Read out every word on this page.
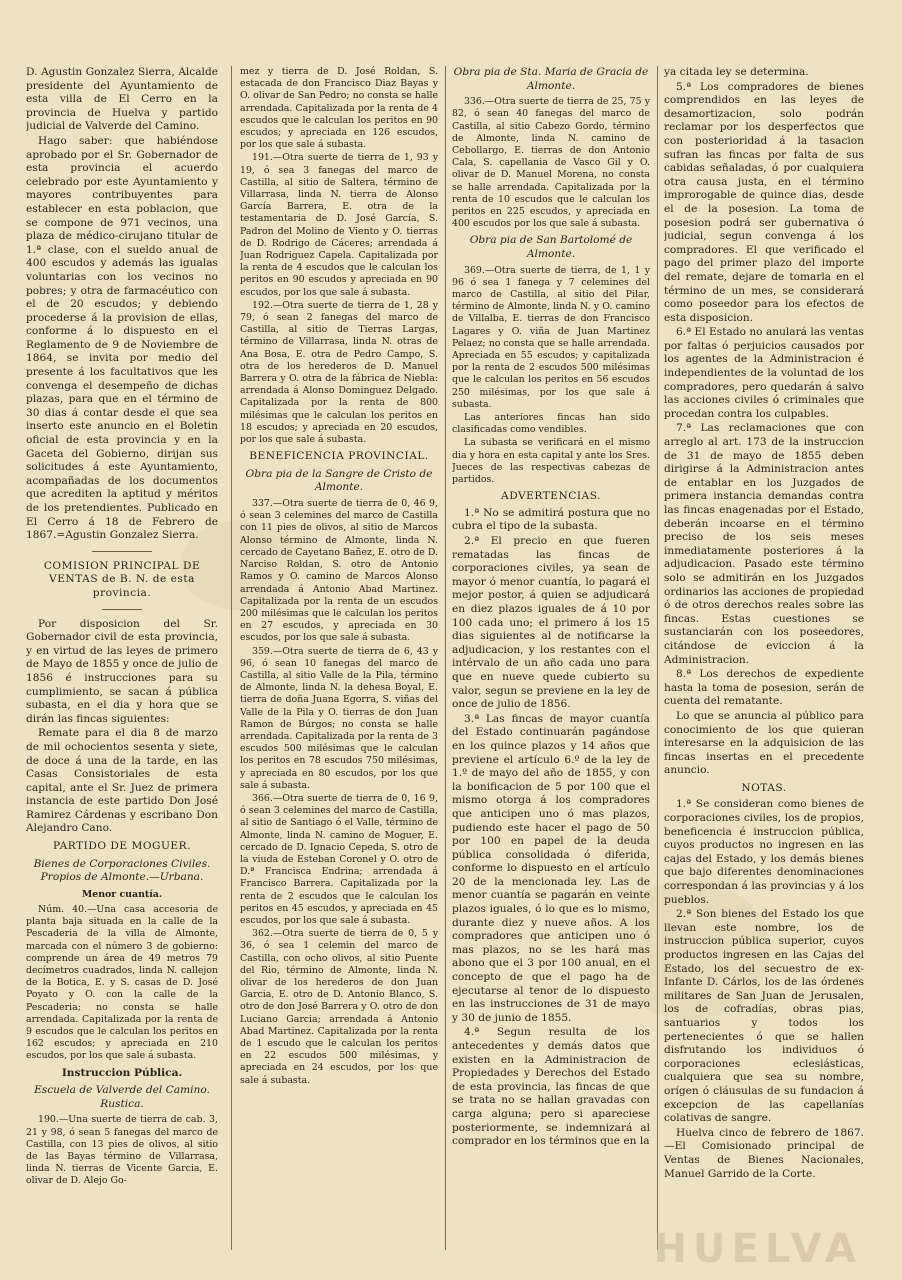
D. Agustin Gonzalez Sierra, Alcalde presidente del Ayuntamiento de esta villa de El Cerro en la provincia de Huelva y partido judicial de Valverde del Camino.

Hago saber: que habiéndose aprobado por el Sr. Gobernador de esta provincia el acuerdo celebrado por este Ayuntamiento y mayores contribuyentes para establecer en esta poblacion, que se compone de 971 vecinos, una plaza de médico-cirujano titular de 1.ª clase, con el sueldo anual de 400 escudos y además las igualas voluntarias con los vecinos no pobres; y otra de farmacéutico con el de 20 escudos; y debiendo procederse á la provision de ellas, conforme á lo dispuesto en el Reglamento de 9 de Noviembre de 1864, se invita por medio del presente á los facultativos que les convenga el desempeño de dichas plazas, para que en el término de 30 dias á contar desde el que sea inserto este anuncio en el Boletin oficial de esta provincia y en la Gaceta del Gobierno, dirijan sus solicitudes á este Ayuntamiento, acompañadas de los documentos que acrediten la aptitud y méritos de los pretendientes. Publicado en El Cerro á 18 de Febrero de 1867.=Agustin Gonzalez Sierra.

COMISION PRINCIPAL DE VENTAS de B. N. de esta provincia.

Por disposicion del Sr. Gobernador civil de esta provincia, y en virtud de las leyes de primero de Mayo de 1855 y once de julio de 1856 é instrucciones para su cumplimiento, se sacan á pública subasta, en el dia y hora que se dirán las fincas siguientes:

Remate para el dia 8 de marzo de mil ochocientos sesenta y siete, de doce á una de la tarde, en las Casas Consistoriales de esta capital, ante el Sr. Juez de primera instancia de este partido Don José Ramirez Cárdenas y escribano Don Alejandro Cano.

PARTIDO DE MOGUER.

Bienes de Corporaciones Civiles. Propios de Almonte.—Urbana.

Menor cuantía.

Núm. 40.—Una casa accesoria de planta baja situada en la calle de la Pescaderia de la villa de Almonte, marcada con el número 3 de gobierno: comprende un área de 49 metros 79 decímetros cuadrados, linda N. callejon de la Botica, E. y S. casas de D. José Poyato y O. con la calle de la Pescaderia; no consta se halle arrendada. Capitalizada por la renta de 9 escudos que le calculan los peritos en 162 escudos; y apreciada en 210 escudos, por los que sale á subasta.

Instruccion Pública.

Escuela de Valverde del Camino. Rustica.

190.—Una suerte de tierra de cab. 3, 21 y 98, ó sean 5 fanegas del marco de Castilla, con 13 pies de olivos, al sitio de las Bayas término de Villarrasa, linda N. tierras de Vicente Garcia, E. olivar de D. Alejo Go-

mez y tierra de D. José Roldan, S. estacada de don Francisco Diaz Bayas y O. olivar de San Pedro; no consta se halle arrendada. Capitalizada por la renta de 4 escudos que le calculan los peritos en 90 escudos; y apreciada en 126 escudos, por los que sale á subasta.

191.—Otra suerte de tierra de 1, 93 y 19, ó sea 3 fanegas del marco de Castilla, al sitio de Saltera, término de Villarrasa, linda N. tierra de Alonso García Barrera, E. otra de la testamentaria de D. José García, S. Padron del Molino de Viento y O. tierras de D. Rodrigo de Cáceres; arrendada á Juan Rodriguez Capela. Capitalizada por la renta de 4 escudos que le calculan los peritos en 90 escudos y apreciada en 90 escudos, por los que sale á subasta.

192.—Otra suerte de tierra de 1, 28 y 79, ó sean 2 fanegas del marco de Castilla, al sitio de Tierras Largas, término de Villarrasa, linda N. otras de Ana Bosa, E. otra de Pedro Campo, S. otra de los herederos de D. Manuel Barrera y O. otra de la fábrica de Niebla: arrendada á Alonso Dominguez Delgado. Capitalizada por la renta de 800 milésimas que le calculan los peritos en 18 escudos; y apreciada en 20 escudos, por los que sale á subasta.

BENEFICENCIA PROVINCIAL.

Obra pia de la Sangre de Cristo de Almonte.

337.—Otra suerte de tierra de 0, 46 9, ó sean 3 celemines del marco de Castilla con 11 pies de olivos, al sitio de Marcos Alonso término de Almonte, linda N. cercado de Cayetano Bañez, E. otro de D. Narciso Roldan, S. otro de Antonio Ramos y O. camino de Marcos Alonso arrendada á Antonio Abad Martinez. Capitalizada por la renta de un escudos 200 milésimas que le calculan los peritos en 27 escudos, y apreciada en 30 escudos, por los que sale á subasta.

359.—Otra suerte de tierra de 6, 43 y 96, ó sean 10 fanegas del marco de Castilla, al sitio Valle de la Pila, término de Almonte, linda N. la dehesa Boyal, E. tierra de doña Juana Egorra, S. viñas del Valle de la Pila y O. tierras de don Juan Ramon de Búrgos; no consta se halle arrendada. Capitalizada por la renta de 3 escudos 500 milésimas que le calculan los peritos en 78 escudos 750 milésimas, y apreciada en 80 escudos, por los que sale á subasta.

366.—Otra suerte de tierra de 0, 16 9, ó sean 3 celemines del marco de Castilla, al sitio de Santiago ó el Valle, término de Almonte, linda N. camino de Moguer, E. cercado de D. Ignacio Cepeda, S. otro de la viuda de Esteban Coronel y O. otro de D.ª Francisca Endrina; arrendada á Francisco Barrera. Capitalizada por la renta de 2 escudos que le calculan los peritos en 45 escudos, y apreciada en 45 escudos, por los que sale á subasta.

362.—Otra suerte de tierra de 0, 5 y 36, ó sea 1 celemin del marco de Castilla, con ocho olivos, al sitio Puente del Rio, término de Almonte, linda N. olivar de los herederos de don Juan Garcia, E. otro de D. Antonio Blanco, S. otro de don José Barrera y O. otro de don Luciano Garcia; arrendada á Antonio Abad Martinez. Capitalizada por la renta de 1 escudo que le calculan los peritos en 22 escudos 500 milésimas, y apreciada en 24 escudos, por los que sale á subasta.

Obra pia de Sta. Maria de Gracia de Almonte.

336.—Otra suerte de tierra de 25, 75 y 82, ó sean 40 fanegas del marco de Castilla, al sitio Cabezo Gordo, término de Almonte, linda N. camino de Cebollargo, E. tierras de don Antonio Cala, S. capellania de Vasco Gil y O. olivar de D. Manuel Morena, no consta se halle arrendada. Capitalizada por la renta de 10 escudos que le calculan los peritos en 225 escudos, y apreciada en 400 escudos por los que sale á subasta.

Obra pia de San Bartolomé de Almonte.

369.—Otra suerte de tierra, de 1, 1 y 96 ó sea 1 fanega y 7 celemines del marco de Castilla, al sitio del Pilar, término de Almonte, linda N. y O. camino de Villalba, E. tierras de don Francisco Lagares y O. viña de Juan Martinez Pelaez; no consta que se halle arrendada. Apreciada en 55 escudos; y capitalizada por la renta de 2 escudos 500 milésimas que le calculan los peritos en 56 escudos 250 milésimas, por los que sale á subasta.

Las anteriores fincas han sido clasificadas como vendibles.

La subasta se verificará en el mismo dia y hora en esta capital y ante los Sres. Jueces de las respectivas cabezas de partidos.

ADVERTENCIAS.

1.ª No se admitirá postura que no cubra el tipo de la subasta.

2.ª El precio en que fueren rematadas las fincas de corporaciones civiles, ya sean de mayor ó menor cuantía, lo pagará el mejor postor, á quien se adjudicará en diez plazos iguales de á 10 por 100 cada uno; el primero á los 15 dias siguientes al de notificarse la adjudicacion, y los restantes con el intérvalo de un año cada uno para que en nueve quede cubierto su valor, segun se previene en la ley de once de julio de 1856.

3.ª Las fincas de mayor cuantía del Estado continuarán pagándose en los quince plazos y 14 años que previene el artículo 6.º de la ley de 1.º de mayo del año de 1855, y con la bonificacion de 5 por 100 que el mismo otorga á los compradores que anticipen uno ó mas plazos, pudiendo este hacer el pago de 50 por 100 en papel de la deuda pública consolidada ó diferida, conforme lo dispuesto en el artículo 20 de la mencionada ley. Las de menor cuantía se pagarán en veinte plazos iguales, ó lo que es lo mismo, durante diez y nueve años. A los compradores que anticipen uno ó mas plazos, no se les hará mas abono que el 3 por 100 anual, en el concepto de que el pago ha de ejecutarse al tenor de lo dispuesto en las instrucciones de 31 de mayo y 30 de junio de 1855.

4.ª Segun resulta de los antecedentes y demás datos que existen en la Administracion de Propiedades y Derechos del Estado de esta provincia, las fincas de que se trata no se hallan gravadas con carga alguna; pero si apareciese posteriormente, se indemnizará al comprador en los términos que en la

ya citada ley se determina.

5.ª Los compradores de bienes comprendidos en las leyes de desamortizacion, solo podrán reclamar por los desperfectos que con posterioridad á la tasacion sufran las fincas por falta de sus cabidas señaladas, ó por cualquiera otra causa justa, en el término improrogable de quince dias, desde el de la posesion. La toma de posesion podrá ser gubernativa ó judicial, segun convenga á los compradores. El que verificado el pago del primer plazo del importe del remate, dejare de tomarla en el término de un mes, se considerará como poseedor para los efectos de esta disposicion.

6.ª El Estado no anulará las ventas por faltas ó perjuicios causados por los agentes de la Administracion é independientes de la voluntad de los compradores, pero quedarán á salvo las acciones civiles ó criminales que procedan contra los culpables.

7.ª Las reclamaciones que con arreglo al art. 173 de la instruccion de 31 de mayo de 1855 deben dirigirse á la Administracion antes de entablar en los Juzgados de primera instancia demandas contra las fincas enagenadas por el Estado, deberán incoarse en el término preciso de los seis meses inmediatamente posteriores á la adjudicacion. Pasado este término solo se admitirán en los Juzgados ordinarios las acciones de propiedad ó de otros derechos reales sobre las fincas. Estas cuestiones se sustanciarán con los poseedores, citándose de eviccion á la Administracion.

8.ª Los derechos de expediente hasta la toma de posesion, serán de cuenta del rematante.

Lo que se anuncia al público para conocimiento de los que quieran interesarse en la adquisicion de las fincas insertas en el precedente anuncio.

NOTAS.

1.ª Se consideran como bienes de corporaciones civiles, los de propios, beneficencia é instruccion pública, cuyos productos no ingresen en las cajas del Estado, y los demás bienes que bajo diferentes denominaciones correspondan á las provincias y á los pueblos.

2.ª Son bienes del Estado los que llevan este nombre, los de instruccion pública superior, cuyos productos ingresen en las Cajas del Estado, los del secuestro de ex-Infante D. Cárlos, los de las órdenes militares de San Juan de Jerusalen, los de cofradías, obras pias, santuarios y todos los pertenecientes ó que se hallen disfrutando los individuos ó corporaciones eclesiásticas, cualquiera que sea su nombre, orígen ó cláusulas de su fundacion á excepcion de las capellanías colativas de sangre.

Huelva cinco de febrero de 1867.—El Comisionado principal de Ventas de Bienes Nacionales, Manuel Garrido de la Corte.

HUELVA
